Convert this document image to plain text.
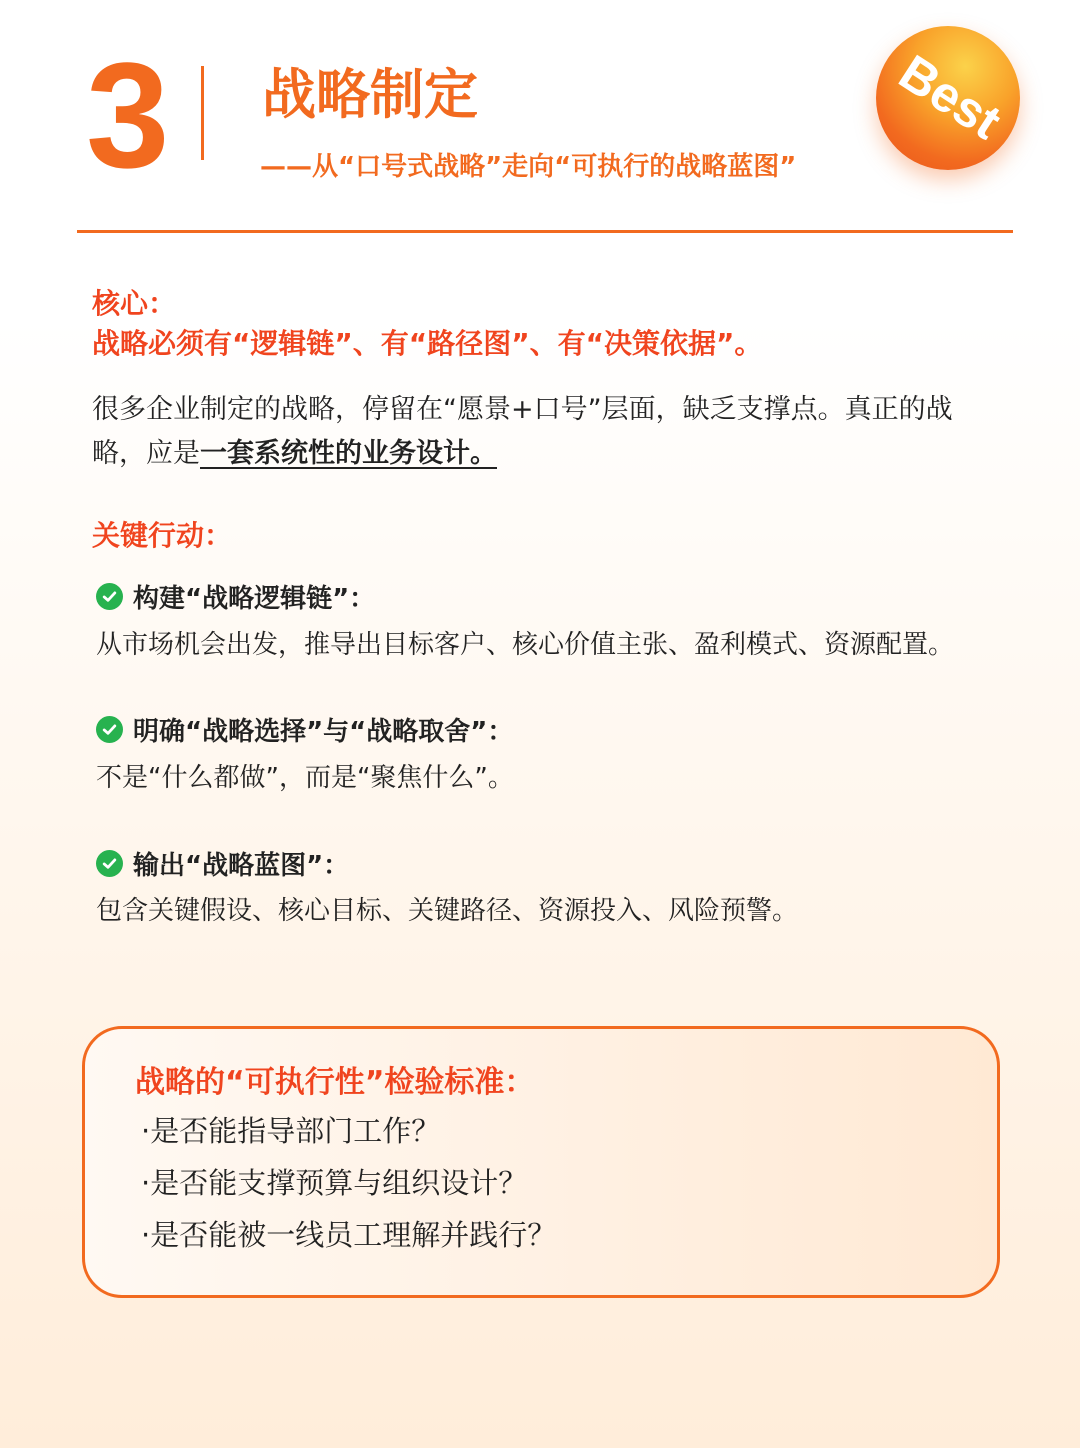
3 战略制定
——从“口号式战略”走向“可执行的战略蓝图”
Best
核心：
战略必须有“逻辑链”、有“路径图”、有“决策依据”。
很多企业制定的战略，停留在“愿景+口号”层面，缺乏支撑点。真正的战略，应是一套系统性的业务设计。
关键行动：
构建“战略逻辑链”：
从市场机会出发，推导出目标客户、核心价值主张、盈利模式、资源配置。
明确“战略选择”与“战略取舍”：
不是“什么都做”，而是“聚焦什么”。
输出“战略蓝图”：
包含关键假设、核心目标、关键路径、资源投入、风险预警。
战略的“可执行性”检验标准：
·是否能指导部门工作？
·是否能支撑预算与组织设计？
·是否能被一线员工理解并践行？
